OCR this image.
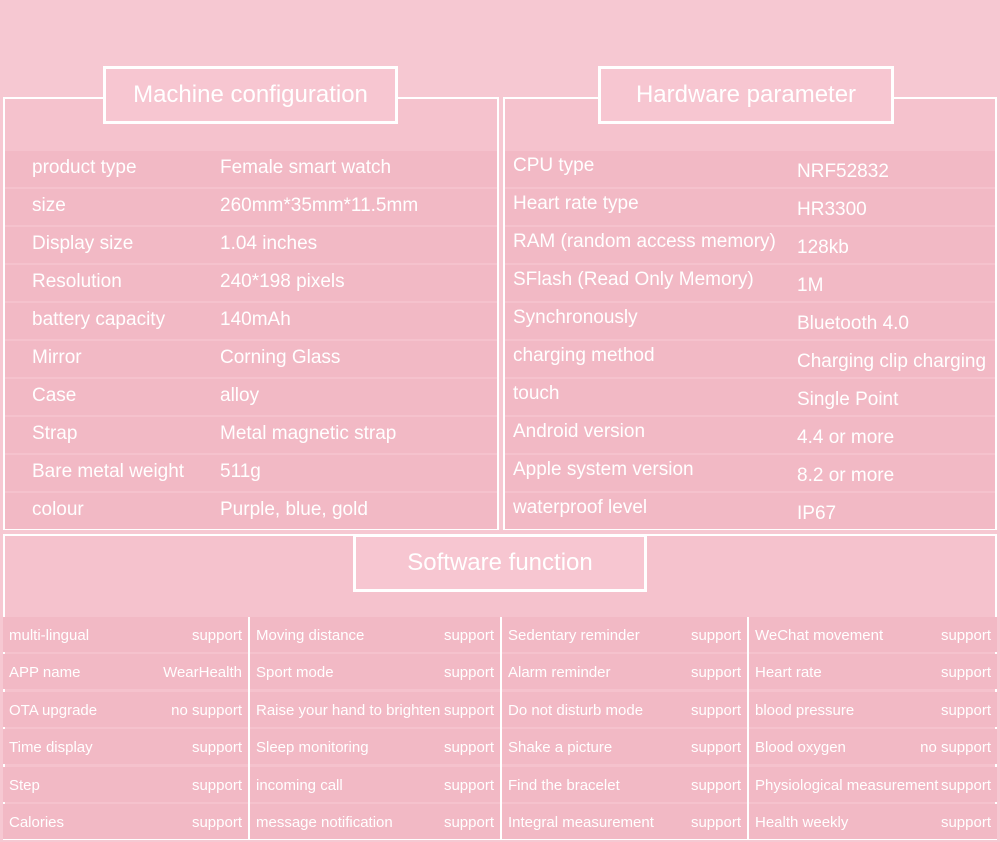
product type	Female smart watch
size	260mm*35mm*11.5mm
Display size	1.04 inches
Resolution	240*198 pixels
battery capacity	140mAh
Mirror	Corning Glass
Case	alloy
Strap	Metal magnetic strap
Bare metal weight 511g
colour	Purple, blue, gold
CPU type	NRF52832
Heart rate type	HR3300
RAM (random access memory) 128kb
SFlash (Read Only Memory) 1M
Synchronously	Bluetooth 4.0
charging method	Charging clip charging
touch	Single Point
Android version	4.4 or more
Apple system version	8.2 or more
waterproof level	IP67
Machine configuration	Hardware parameter
Software function
multi-lingual	support
APP name	WearHealth
OTA upgrade	no support
Time display	support
Step	support
Calories	support
Moving distance	support
Sport mode	support
Raise your hand to brighten support
Sleep monitoring	support
incoming call	support
message notification	support
Sedentary reminder	support
Alarm reminder	support
Do not disturb mode	support
Shake a picture	support
Find the bracelet	support
Integral measurement support
WeChat movement	support
Heart rate	support
blood pressure	support
Blood oxygen	no support
Physiological measurement support
Health weekly	support
